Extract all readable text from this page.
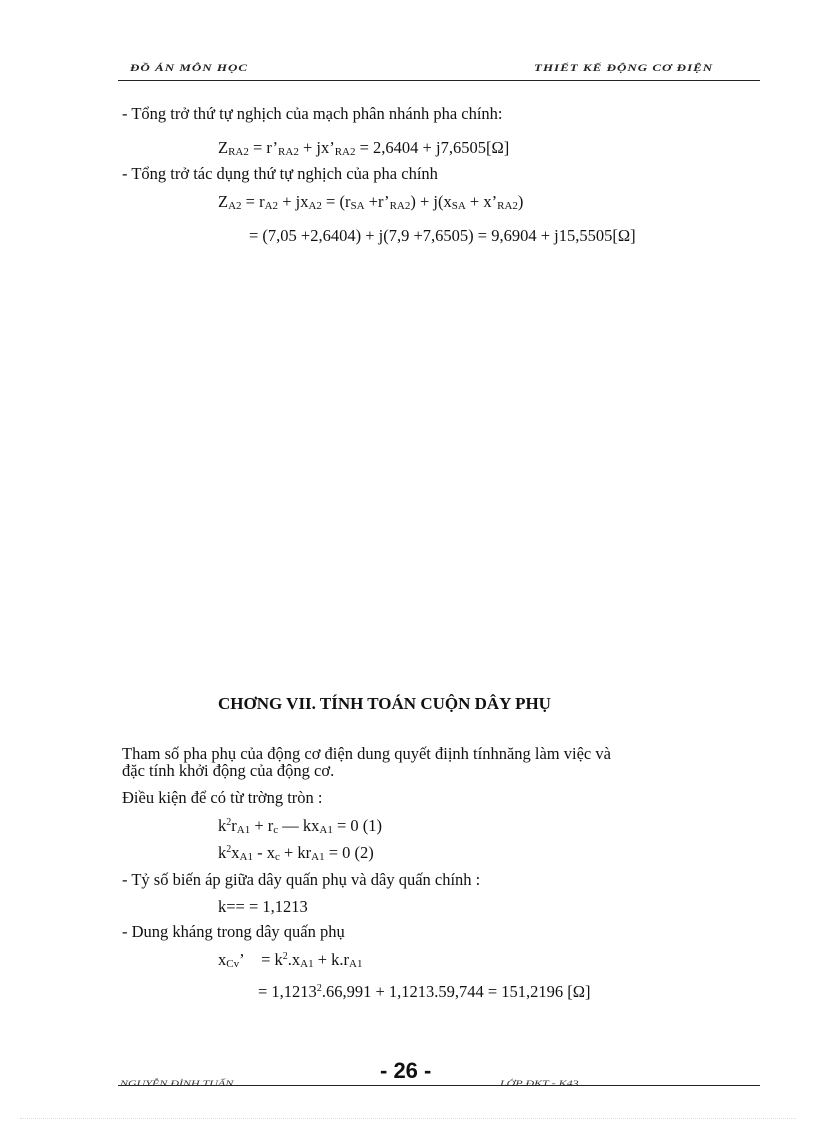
ĐỒ ÁN MÔN HỌC	THIẾT KẾ ĐỘNG CƠ ĐIỆN
- Tổng trở thứ tự nghịch của mạch phân nhánh pha chính:
$Z_{RA2}$ = $r’_{RA2}$ + $jx’_{RA2} = 2,6404 + j7,6505[\Omega]$
- Tổng trở tác dụng thứ tự nghịch của pha chính
$Z_{A2} = r_{A2} + jx_{A2} = (r_{SA}$ $+r’_{RA2}) + j(x_{SA}$ + $x’_{RA2}$)
= (7,05 +2,6404) + j(7,9 +7,6505) = 9,6904 + j15,5505[Ω]
CHƠNG VII. TÍNH TOÁN CUỘN DÂY PHỤ
Tham số pha phụ của động cơ điện dung quyết điịnh tínhnăng làm việc và
đặc tính khởi động của động cơ.
Điều kiện để có từ trờng tròn :
$k^2r_{A1} + r_c$ — $kx_{A1} = 0$ (1)
$k^2x_{A1} - x_c + kr_{A1} = 0$ (2)
- Tỷ số biến áp giữa dây quấn phụ và dây quấn chính :
k== = 1,1213
- Dung kháng trong dây quấn phụ
$x_{Cv}$’    = $k^2.x_{A1} + k.r_{A1}$
= $1,1213^2.66,991 + 1,1213.59,744 = 151,2196$ [Ω]
NGUYỄN ĐÌNH TUẤN
- 26 -
LỚP ĐKT - K43
